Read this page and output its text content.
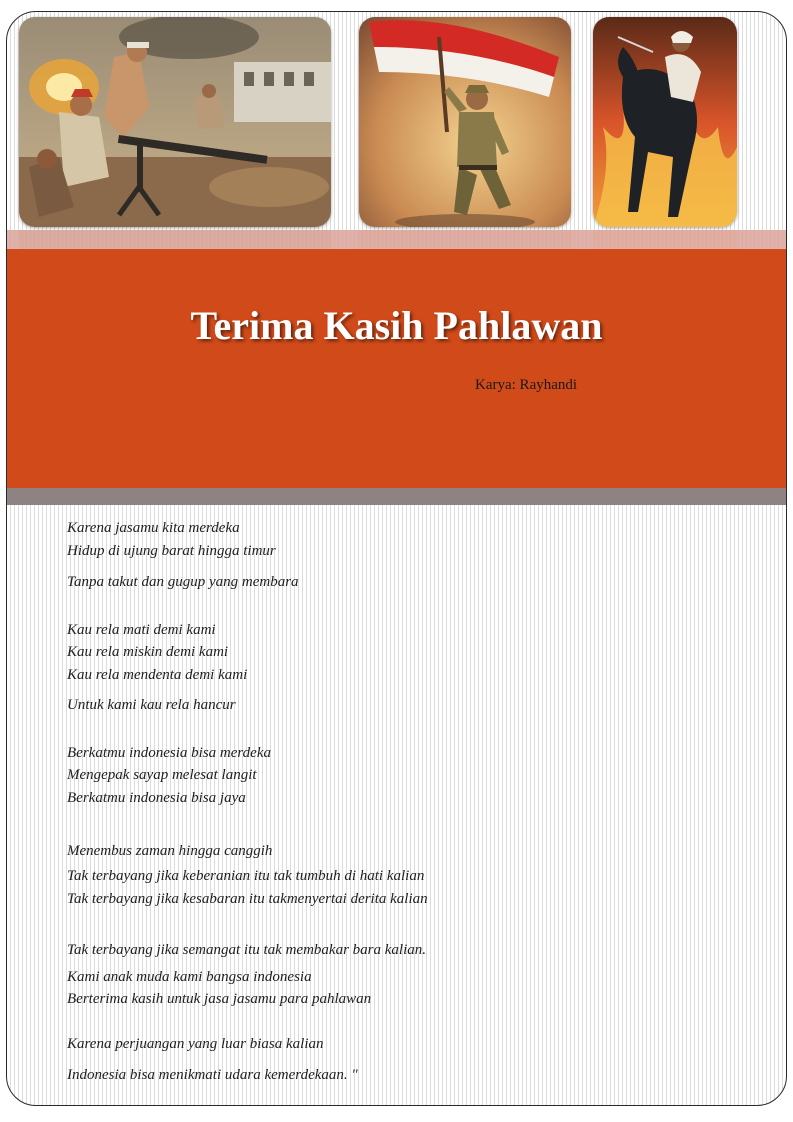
Terima Kasih Pahlawan
Karya: Rayhandi
Karena jasamu kita merdeka
Hidup di ujung barat hingga timur
Tanpa takut dan gugup yang membara
Kau rela mati demi kami
Kau rela miskin demi kami
Kau rela mendenta demi kami
Untuk kami kau rela hancur
Berkatmu indonesia bisa merdeka
Mengepak sayap melesat langit
Berkatmu indonesia bisa jaya
Menembus zaman hingga canggih
Tak terbayang jika keberanian itu tak tumbuh di hati kalian
Tak terbayang jika kesabaran itu takmenyertai derita kalian
Tak terbayang jika semangat itu tak membakar bara kalian.
Kami anak muda kami bangsa indonesia
Berterima kasih untuk jasa jasamu para pahlawan
Karena perjuangan yang luar biasa kalian
Indonesia bisa menikmati udara kemerdekaan. "
